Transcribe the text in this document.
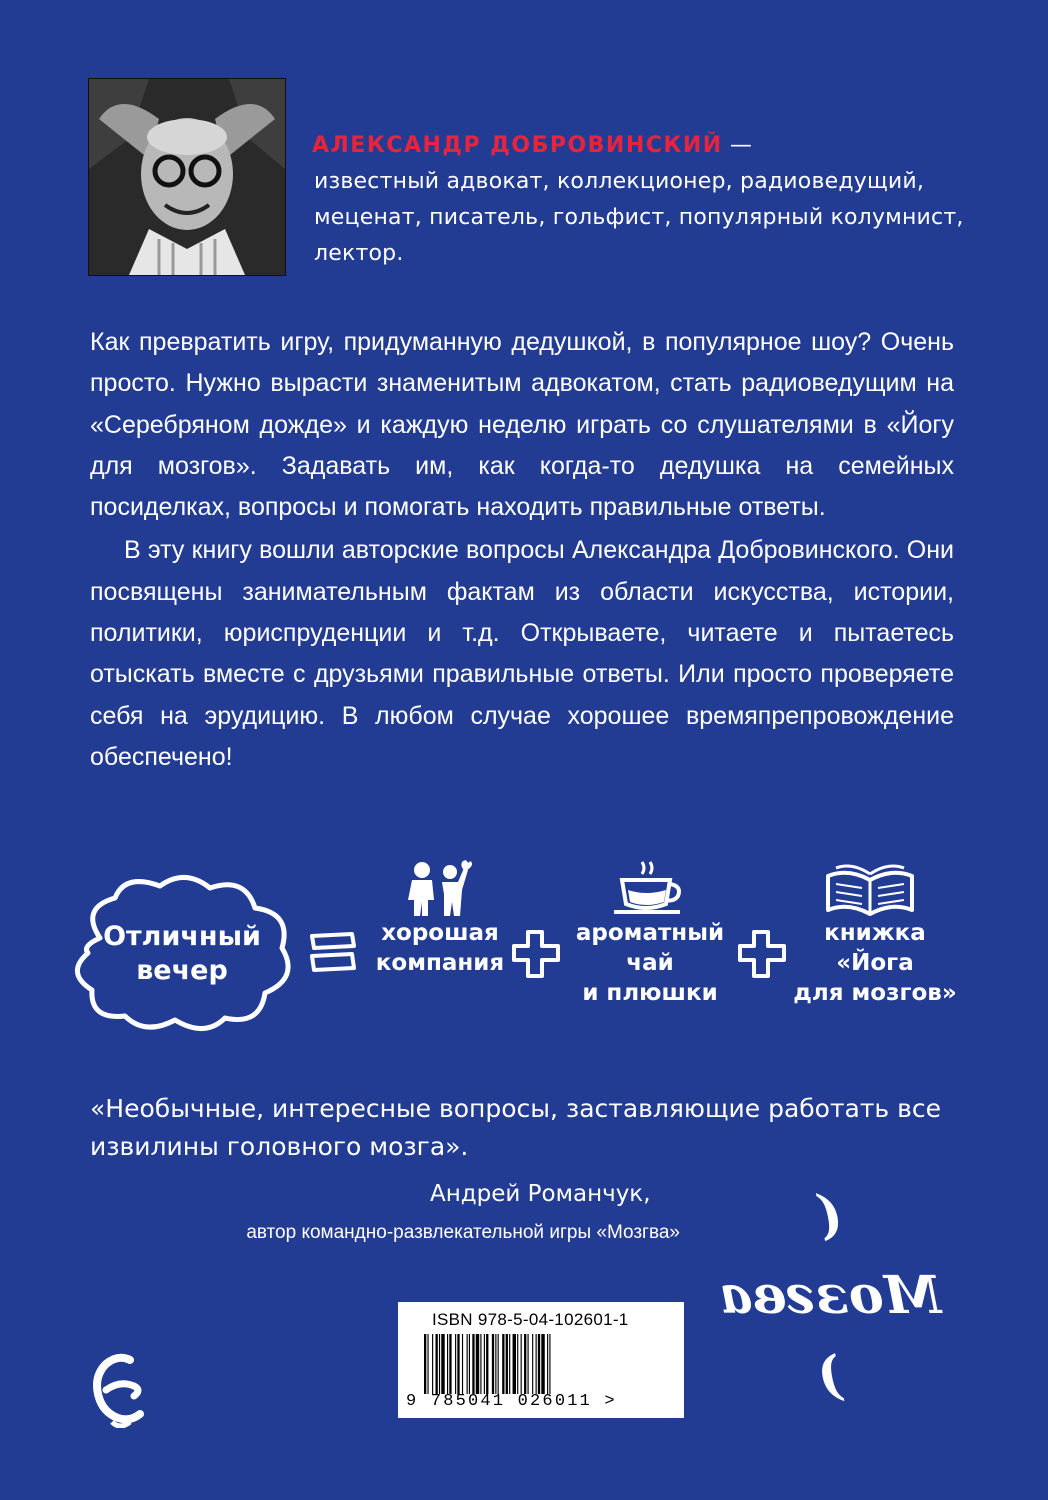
АЛЕКСАНДР ДОБРОВИНСКИЙ —
известный адвокат, коллекционер, радиоведущий,
меценат, писатель, гольфист, популярный колумнист,
лектор.

Как превратить игру, придуманную дедушкой, в популярное шоу? Очень просто. Нужно вырасти знаменитым адвокатом, стать радиоведущим на «Серебряном дожде» и каждую неделю играть со слушателями в «Йогу для мозгов». Задавать им, как когда-то дедушка на семейных посиделках, вопросы и помогать находить правильные ответы.

В эту книгу вошли авторские вопросы Александра Добровинского. Они посвящены занимательным фактам из области искусства, истории, политики, юриспруденции и т.д. Открываете, читаете и пытаетесь отыскать вместе с друзьями правильные ответы. Или просто проверяете себя на эрудицию. В любом случае хорошее времяпрепровождение обеспечено!

Отличный
вечер
хорошая
компания
ароматный
чай
и плюшки
книжка
«Йога
для мозгов»
«Необычные, интересные вопросы, заставляющие работать все
извилины головного мозга».
Андрей Романчук,
автор командно-развлекательной игры «Мозгва»	( Мозгва )
ISBN 978-5-04-102601-1
9 785041 026011 >
